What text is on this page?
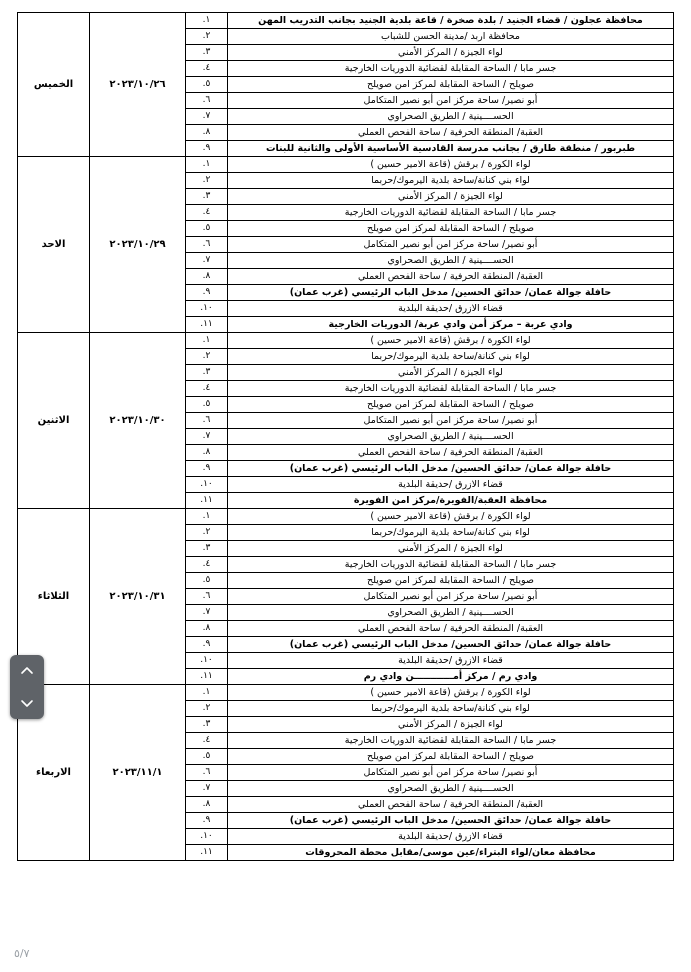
محافظة عجلون / قضاء الجنيد / بلدة صخرة / قاعة بلدية الجنيد بجانب التدريب المهن	١.	٢٠٢٣/١٠/٢٦	الخميس
محافظة اربد /مدينة الحسن للشباب	٢.		
لواء الجيزة / المركز الأمني	٣.		
جسر مابا / الساحة المقابلة لقضائية الدوريات الخارجية	٤.		
صويلح / الساحة المقابلة لمركز امن صويلح	٥.		
أبو نصير/ ساحة مركز امن أبو نصير المتكامل	٦.		
الحســــينية / الطريق الصحراوي	٧.		
العقبة/ المنطقة الحرفية / ساحة الفحص العملي	٨.		
طبربور / منطقة طارق / بجانب مدرسة القادسية الأساسية الأولى والثانية للبنات	٩.		
لواء الكورة / برقش (قاعة الامير حسين )	١.	٢٠٢٣/١٠/٢٩	الاحد
لواء بني كنانة/ساحة بلدية اليرموك/حربما	٢.		
لواء الجيزة / المركز الأمني	٣.		
جسر مابا / الساحة المقابلة لقضائية الدوريات الخارجية	٤.		
صويلح / الساحة المقابلة لمركز امن صويلح	٥.		
أبو نصير/ ساحة مركز امن أبو نصير المتكامل	٦.		
الحســــينية / الطريق الصحراوي	٧.		
العقبة/ المنطقة الحرفية / ساحة الفحص العملي	٨.		
حافلة جوالة عمان/ حدائق الحسين/ مدخل الباب الرئيسي (غرب عمان)	٩.		
قضاء الازرق /حديقة البلدية	١٠.		
وادي عربة – مركز أمن وادي عربة/ الدوريات الخارجية	١١.		
لواء الكورة / برقش (قاعة الامير حسين )	١.	٢٠٢٣/١٠/٣٠	الاثنين
لواء بني كنانة/ساحة بلدية اليرموك/حربما	٢.		
لواء الجيزة / المركز الأمني	٣.		
جسر مابا / الساحة المقابلة لقضائية الدوريات الخارجية	٤.		
صويلح / الساحة المقابلة لمركز امن صويلح	٥.		
أبو نصير/ ساحة مركز امن أبو نصير المتكامل	٦.		
الحســــينية / الطريق الصحراوي	٧.		
العقبة/ المنطقة الحرفية / ساحة الفحص العملي	٨.		
حافلة جوالة عمان/ حدائق الحسين/ مدخل الباب الرئيسي (غرب عمان)	٩.		
قضاء الازرق /حديقة البلدية	١٠.		
محافظة العقبة/الفويرة/مركز امن الفويرة	١١.		
لواء الكورة / برقش (قاعة الامير حسين )	١.	٢٠٢٣/١٠/٣١	الثلاثاء
لواء بني كنانة/ساحة بلدية اليرموك/حربما	٢.		
لواء الجيزة / المركز الأمني	٣.		
جسر مابا / الساحة المقابلة لقضائية الدوريات الخارجية	٤.		
صويلح / الساحة المقابلة لمركز امن صويلح	٥.		
أبو نصير/ ساحة مركز امن أبو نصير المتكامل	٦.		
الحســــينية / الطريق الصحراوي	٧.		
العقبة/ المنطقة الحرفية / ساحة الفحص العملي	٨.		
حافلة جوالة عمان/ حدائق الحسين/ مدخل الباب الرئيسي (غرب عمان)	٩.		
قضاء الازرق /حديقة البلدية	١٠.		
وادي رم / مركز أمــــــــــــن وادي رم	١١.		
لواء الكورة / برقش (قاعة الامير حسين )	١.	٢٠٢٣/١١/١	الاربعاء
لواء بني كنانة/ساحة بلدية اليرموك/حربما	٢.		
لواء الجيزة / المركز الأمني	٣.		
جسر مابا / الساحة المقابلة لقضائية الدوريات الخارجية	٤.		
صويلح / الساحة المقابلة لمركز امن صويلح	٥.		
أبو نصير/ ساحة مركز امن أبو نصير المتكامل	٦.		
الحســــينية / الطريق الصحراوي	٧.		
العقبة/ المنطقة الحرفية / ساحة الفحص العملي	٨.		
حافلة جوالة عمان/ حدائق الحسين/ مدخل الباب الرئيسي (غرب عمان)	٩.		
قضاء الازرق /حديقة البلدية	١٠.		
محافظة معان/لواء البتراء/عين موسى/مقابل محطة المحروقات	١١.		
٥/٧
